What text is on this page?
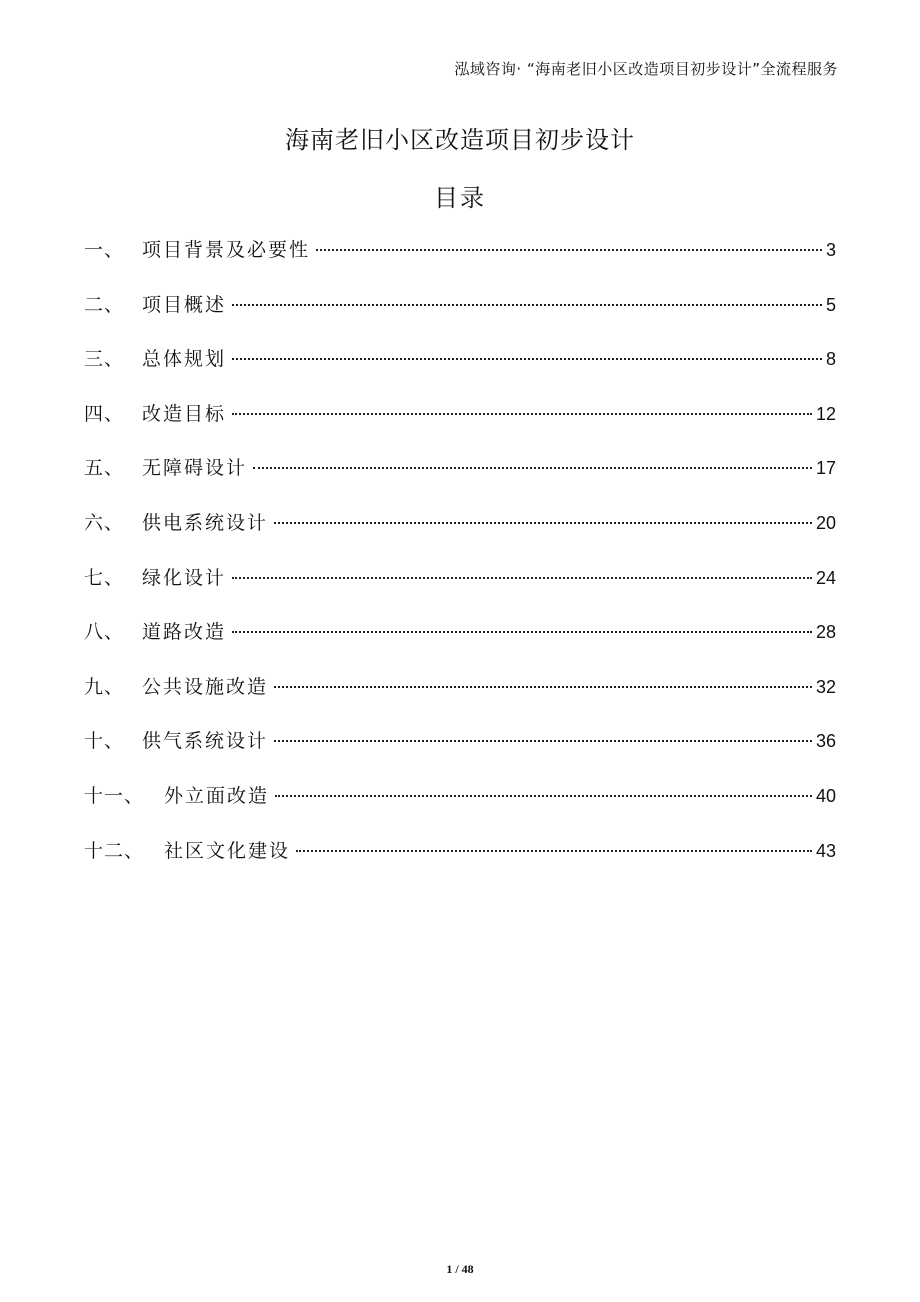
泓域咨询· “海南老旧小区改造项目初步设计”全流程服务
海南老旧小区改造项目初步设计
目录
一、 项目背景及必要性	3
二、 项目概述	5
三、 总体规划	8
四、 改造目标	12
五、 无障碍设计	17
六、 供电系统设计	20
七、 绿化设计	24
八、 道路改造	28
九、 公共设施改造	32
十、 供气系统设计	36
十一、	外立面改造	40
十二、	社区文化建设	43
1 / 48
